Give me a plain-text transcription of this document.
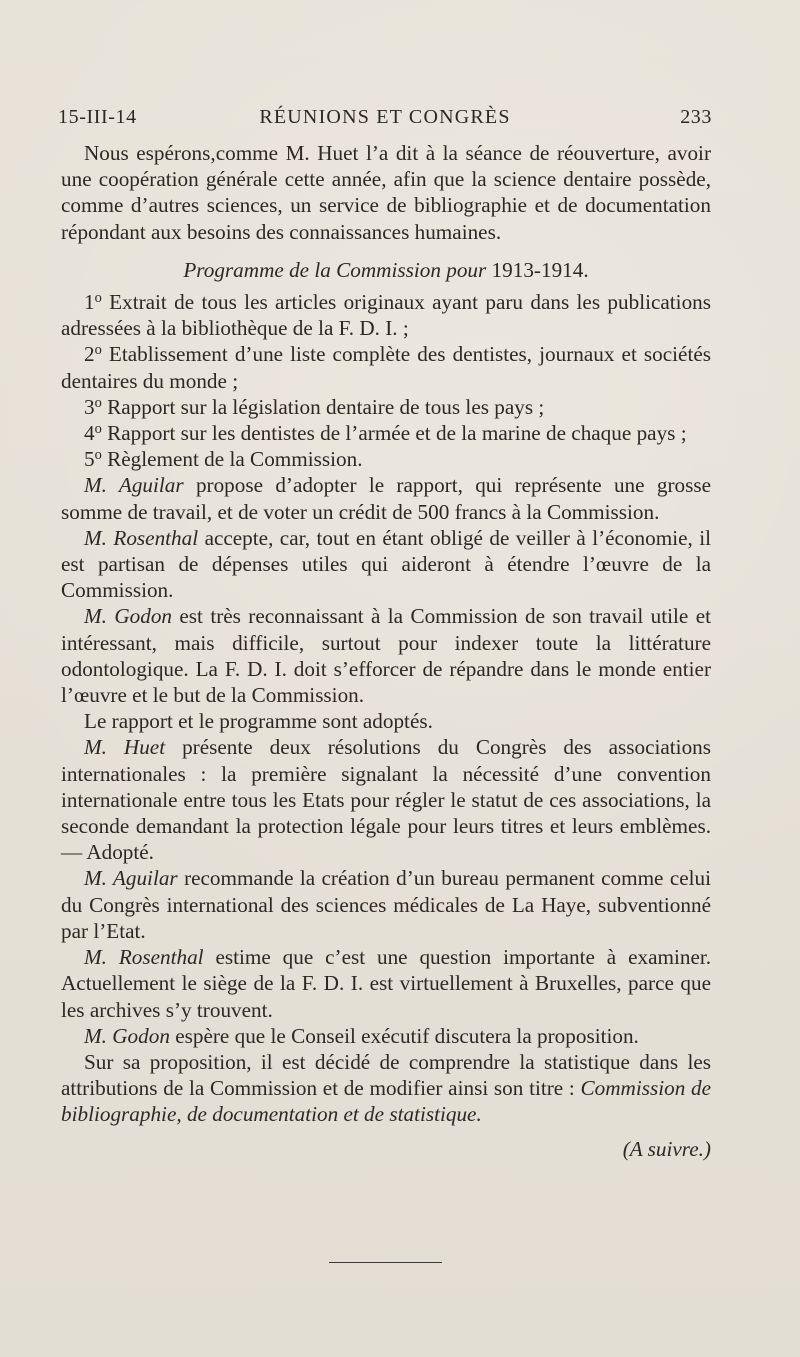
15-III-14	RÉUNIONS ET CONGRÈS	233

Nous espérons,comme M. Huet l’a dit à la séance de réouverture, avoir une coopération générale cette année, afin que la science dentaire possède, comme d’autres sciences, un service de bibliographie et de documentation répondant aux besoins des connaissances humaines.

Programme de la Commission pour 1913-1914.

1$^o$ Extrait de tous les articles originaux ayant paru dans les publications adressées à la bibliothèque de la F. D. I. ;

2$^o$ Etablissement d’une liste complète des dentistes, journaux et sociétés dentaires du monde ;

3$^o$ Rapport sur la législation dentaire de tous les pays ;

4$^o$ Rapport sur les dentistes de l’armée et de la marine de chaque pays ;

5$^o$ Règlement de la Commission.

M. Aguilar propose d’adopter le rapport, qui représente une grosse somme de travail, et de voter un crédit de 500 francs à la Commission.

M. Rosenthal accepte, car, tout en étant obligé de veiller à l’économie, il est partisan de dépenses utiles qui aideront à étendre l’œuvre de la Commission.

M. Godon est très reconnaissant à la Commission de son travail utile et intéressant, mais difficile, surtout pour indexer toute la littérature odontologique. La F. D. I. doit s’efforcer de répandre dans le monde entier l’œuvre et le but de la Commission.

Le rapport et le programme sont adoptés.

M. Huet présente deux résolutions du Congrès des associations internationales : la première signalant la nécessité d’une convention internationale entre tous les Etats pour régler le statut de ces associations, la seconde demandant la protection légale pour leurs titres et leurs emblèmes. — Adopté.

M. Aguilar recommande la création d’un bureau permanent comme celui du Congrès international des sciences médicales de La Haye, subventionné par l’Etat.

M. Rosenthal estime que c’est une question importante à examiner. Actuellement le siège de la F. D. I. est virtuellement à Bruxelles, parce que les archives s’y trouvent.

M. Godon espère que le Conseil exécutif discutera la proposition.

Sur sa proposition, il est décidé de comprendre la statistique dans les attributions de la Commission et de modifier ainsi son titre : Commission de bibliographie, de documentation et de statistique.

(A suivre.)
